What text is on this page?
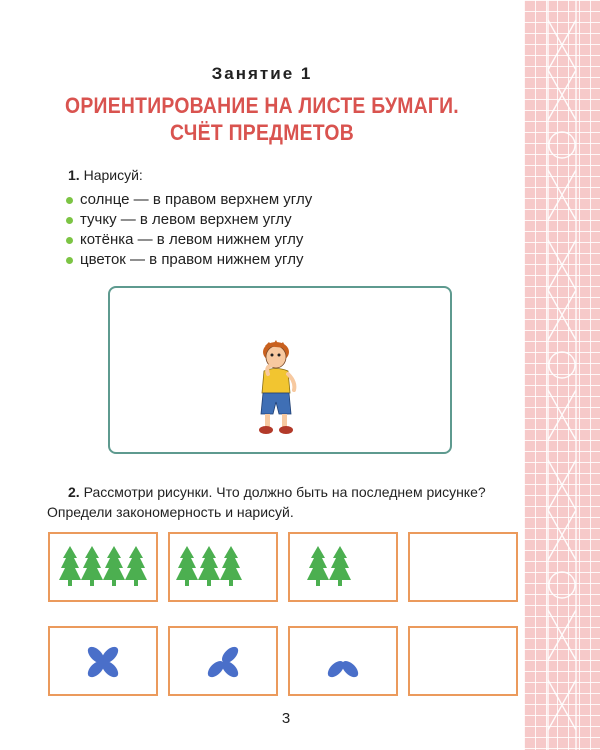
Занятие 1
ОРИЕНТИРОВАНИЕ НА ЛИСТЕ БУМАГИ.
СЧЁТ ПРЕДМЕТОВ
1. Нарисуй:
солнце — в правом верхнем углу
тучку — в левом верхнем углу
котёнка — в левом нижнем углу
цветок — в правом нижнем углу
2. Рассмотри рисунки. Что должно быть на последнем рисунке?
Определи закономерность и нарисуй.
3
